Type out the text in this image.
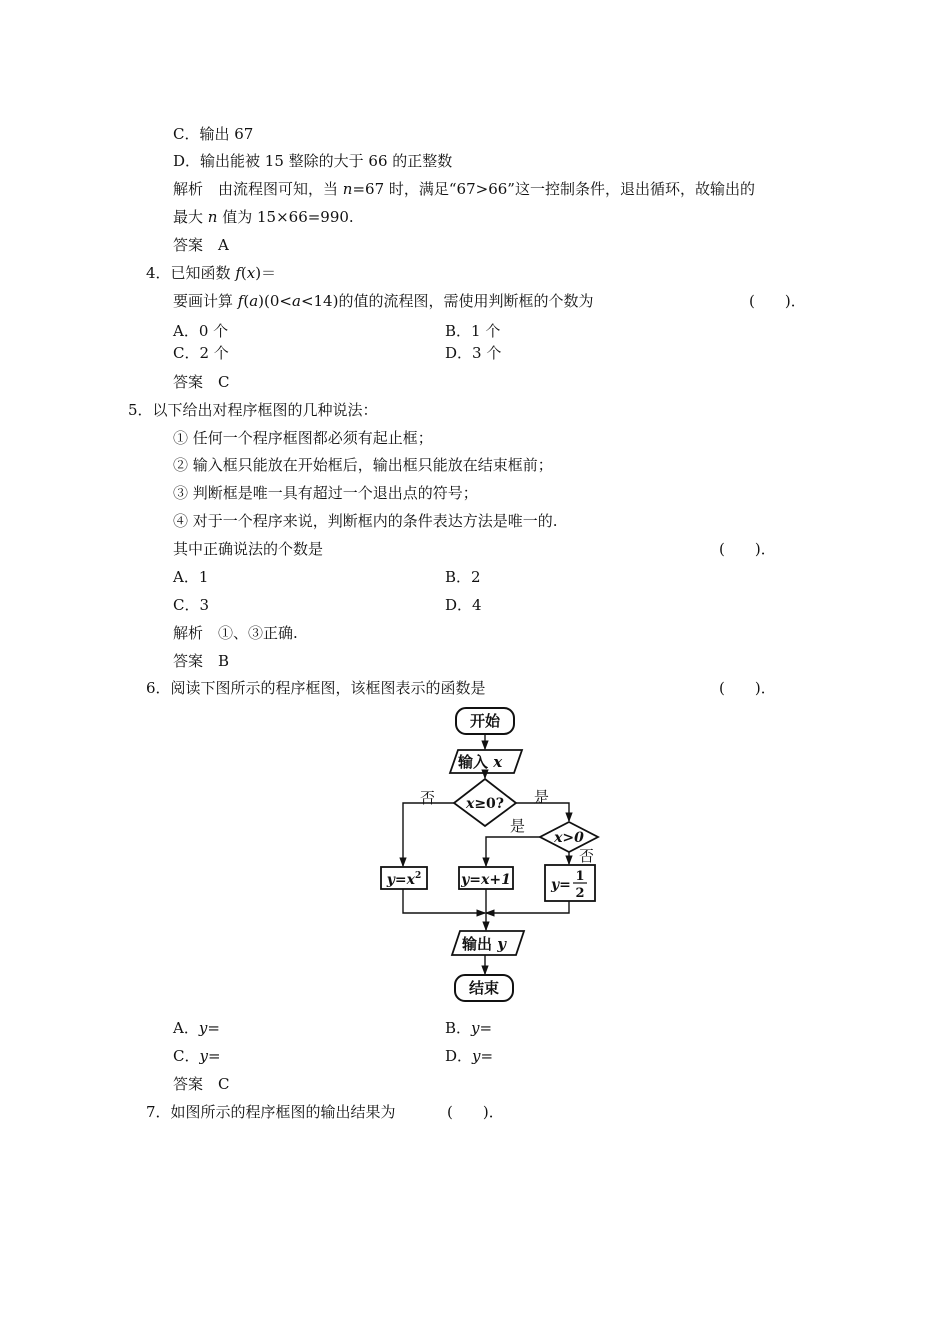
C．输出 67
D．输出能被 15 整除的大于 66 的正整数
解析　由流程图可知，当 n=67 时，满足“67>66”这一控制条件，退出循环，故输出的
最大 n 值为 15×66=990.
答案　A
4．已知函数 f(x)＝
要画计算 f(a)(0<a<14)的值的流程图，需使用判断框的个数为	(　　)．
A．0 个	B．1 个
C．2 个	D．3 个
答案　C
5．以下给出对程序框图的几种说法：
① 任何一个程序框图都必须有起止框；
② 输入框只能放在开始框后，输出框只能放在结束框前；
③ 判断框是唯一具有超过一个退出点的符号；
④ 对于一个程序来说，判断框内的条件表达方法是唯一的.
其中正确说法的个数是	(　　)．
A．1	B．2
C．3	D．4
解析　①、③正确.
答案　B
6．阅读下图所示的程序框图，该框图表示的函数是	(　　)．
开始
输入 x
x≥0?
x>0
$y=x^2$	y=x+1	y=
1
2
输出 y
结束
否	是
是
否
A．y=	B．y=
C．y=	D．y=
答案　C
7．如图所示的程序框图的输出结果为	(　　)．
